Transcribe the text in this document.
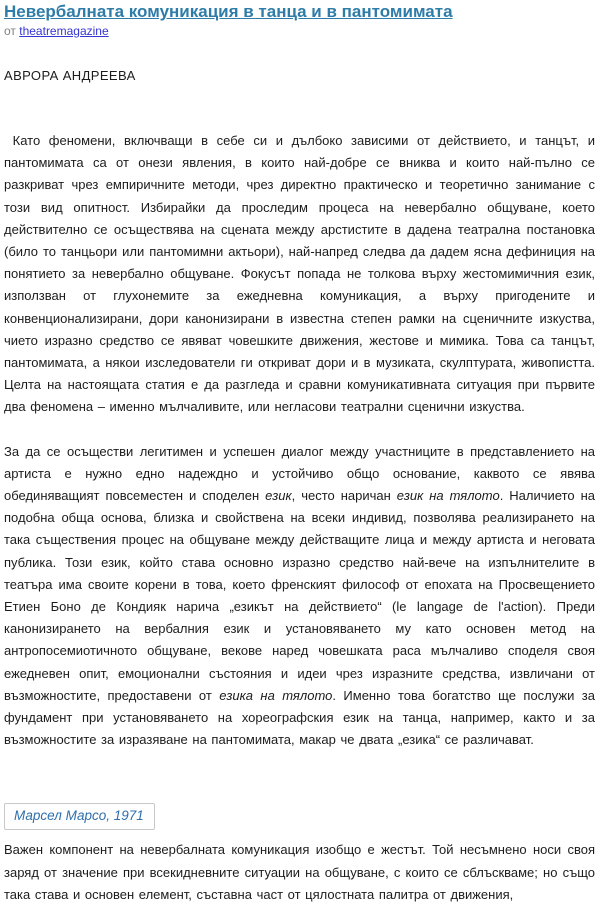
Невербалната комуникация в танца и в пантомимата
от theatremagazine
АВРОРА АНДРЕЕВА

Като феномени, включващи в себе си и дълбоко зависими от действието, и танцът, и пантомимата са от онези явления, в които най-добре се вниква и които най-пълно се разкриват чрез емпиричните методи, чрез директно практическо и теоретично занимание с този вид опитност. Избирайки да проследим процеса на невербално общуване, което действително се осъществява на сцената между арстистите в дадена театрална постановка (било то танцьори или пантомимни актьори), най-напред следва да дадем ясна дефиниция на понятието за невербално общуване. Фокусът попада не толкова върху жестомимичния език, използван от глухонемите за ежедневна комуникация, а върху пригодените и конвенционализирани, дори канонизирани в известна степен рамки на сценичните изкуства, чието изразно средство се явяват човешките движения, жестове и мимика. Това са танцът, пантомимата, а някои изследователи ги откриват дори и в музиката, скулптурата, живопистта. Целта на настоящата статия е да разгледа и сравни комуникативната ситуация при първите два феномена – именно мълчаливите, или негласови театрални сценични изкуства.

За да се осъществи легитимен и успешен диалог между участниците в представлението на артиста е нужно едно надеждно и устойчиво общо основание, каквото се явява обединяващият повсеместен и споделен език, често наричан език на тялото. Наличието на подобна обща основа, близка и свойствена на всеки индивид, позволява реализирането на така съществения процес на общуване между действащите лица и между артиста и неговата публика. Този език, който става основно изразно средство най-вече на изпълнителите в театъра има своите корени в това, което френският философ от епохата на Просвещението Етиен Боно де Кондияк нарича „езикът на действието“ (le langage de l'action). Преди канонизирането на вербалния език и установяването му като основен метод на антропосемиотичното общуване, векове наред човешката раса мълчаливо споделя своя ежедневен опит, емоционални състояния и идеи чрез изразните средства, извличани от възможностите, предоставени от езика на тялото. Именно това богатство ще послужи за фундамент при установяването на хореографския език на танца, например, както и за възможностите за изразяване на пантомимата, макар че двата „езика“ се различават.

Марсел Марсо, 1971

Важен компонент на невербалната комуникация изобщо е жестът. Той несъмнено носи своя заряд от значение при всекидневните ситуации на общуване, с които се сблъскваме; но също така става и основен елемент, съставна част от цялостната палитра от движения,
